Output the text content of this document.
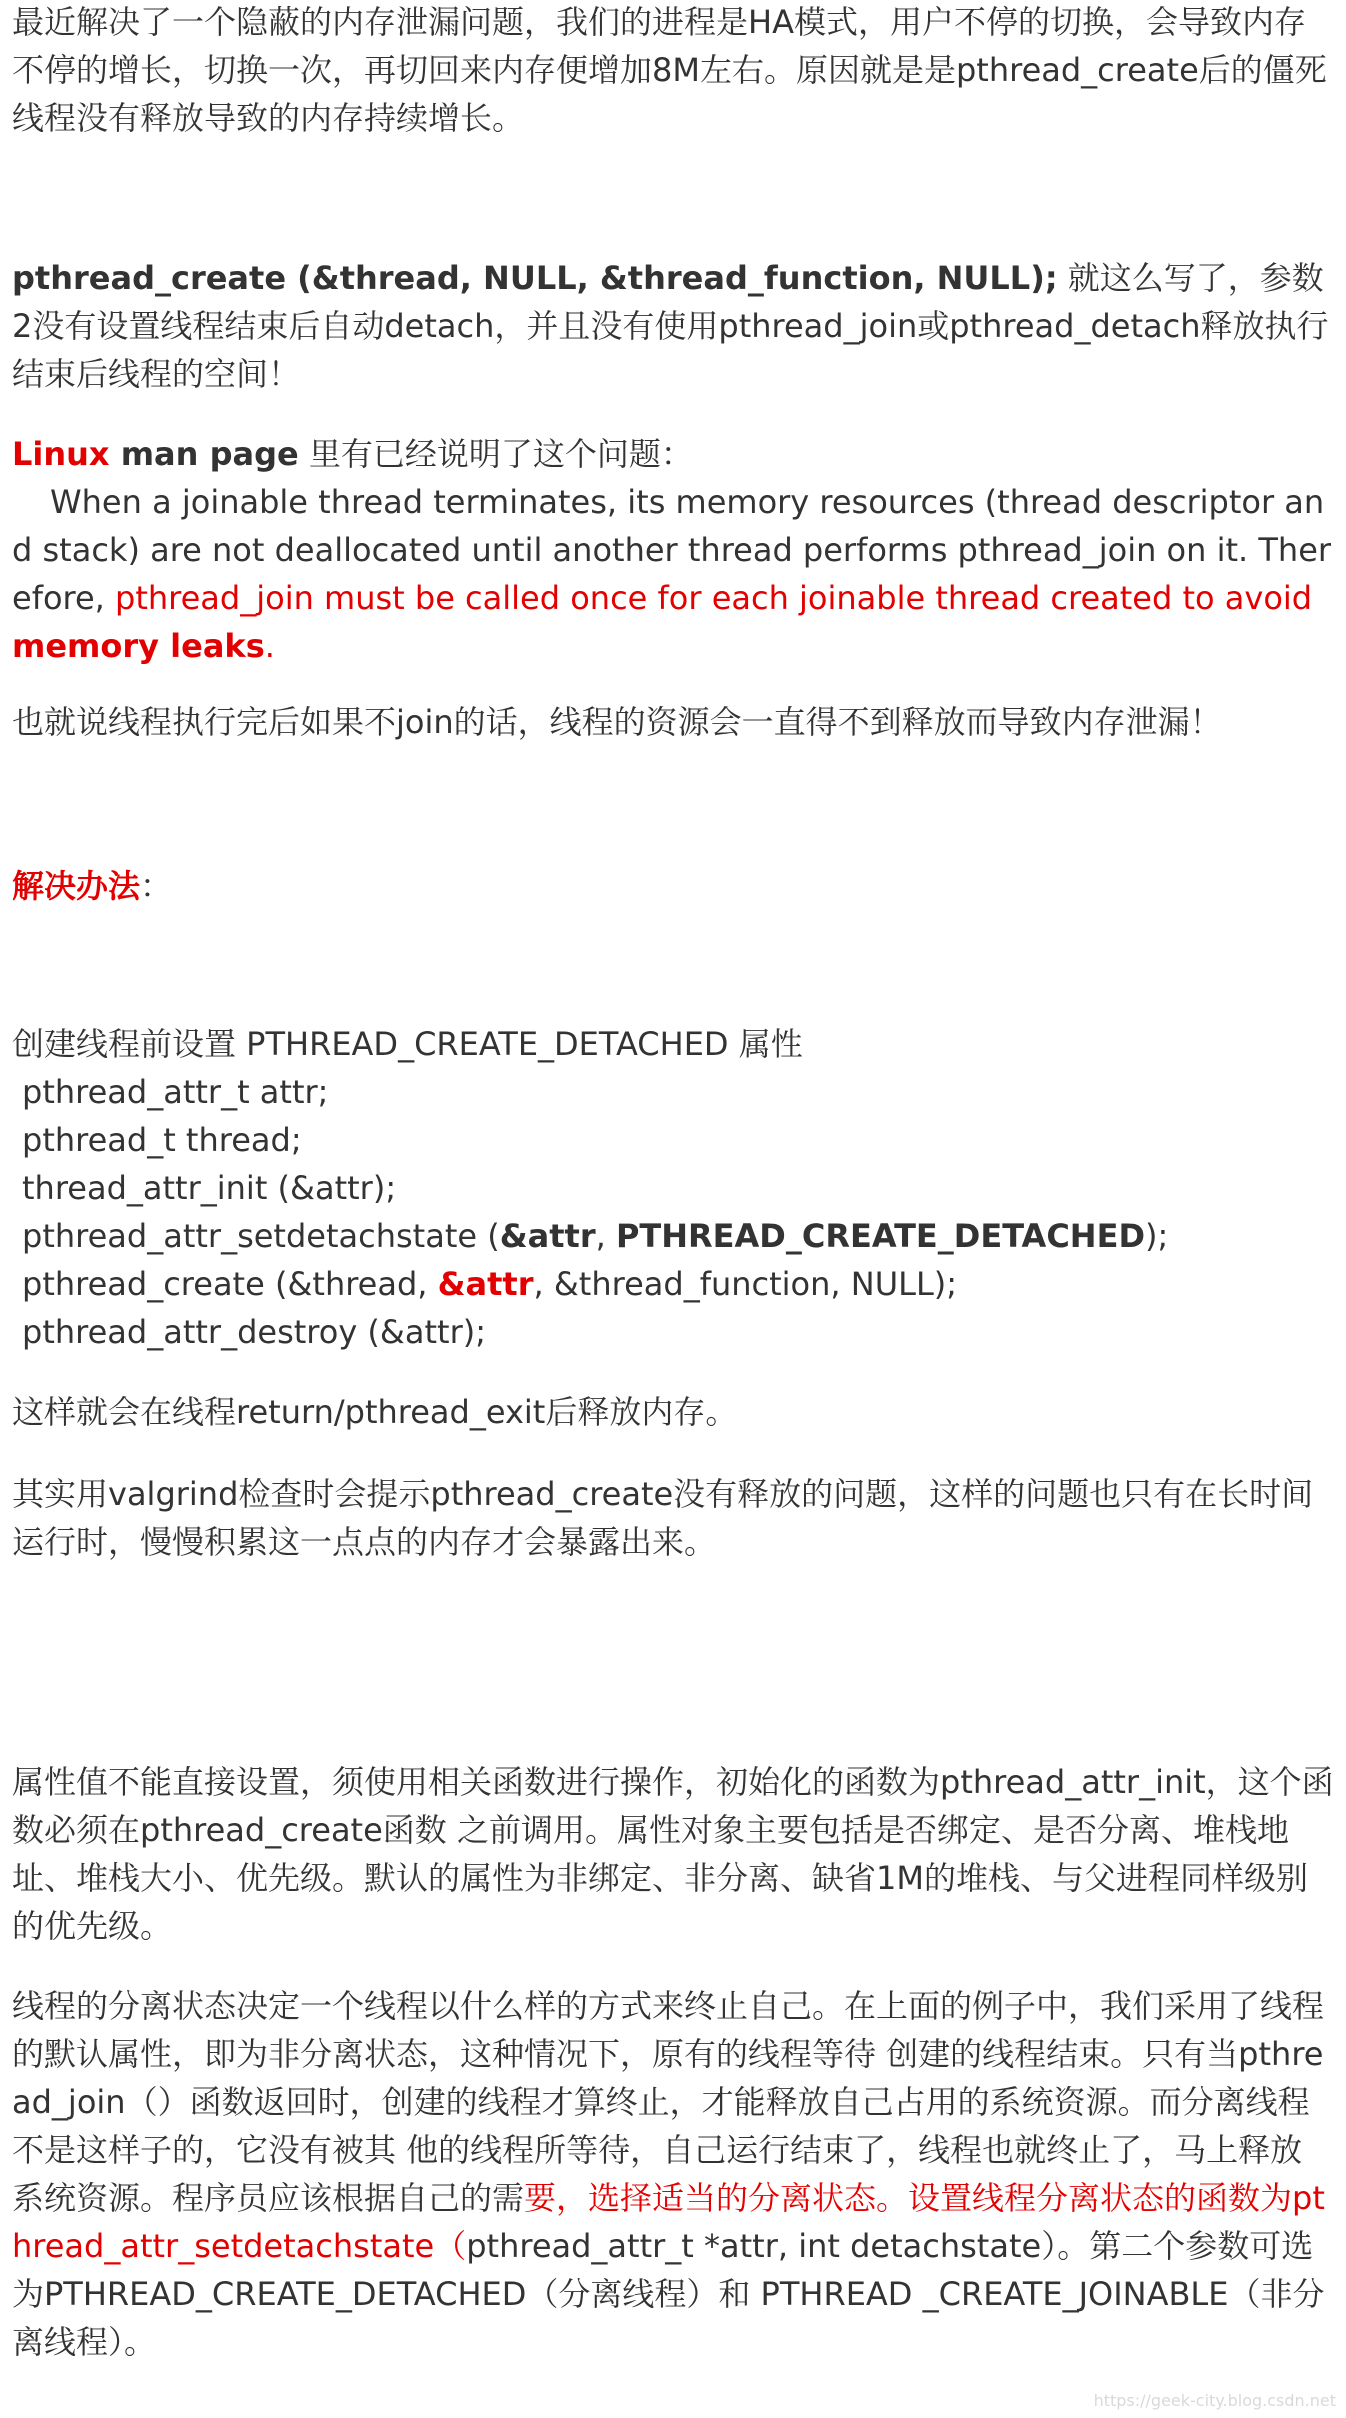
最近解决了一个隐蔽的内存泄漏问题，我们的进程是HA模式，用户不停的切换，会导致内存不停的增长，切换一次，再切回来内存便增加8M左右。原因就是是pthread_create后的僵死线程没有释放导致的内存持续增长。

pthread_create (&thread, NULL, &thread_function, NULL); 就这么写了，参数2没有设置线程结束后自动detach，并且没有使用pthread_join或pthread_detach释放执行结束后线程的空间！

Linux man page 里有已经说明了这个问题：

When a joinable thread terminates, its memory resources (thread descriptor and stack) are not deallocated until another thread performs pthread_join on it. Therefore, pthread_join must be called once for each joinable thread created to avoid memory leaks.

也就说线程执行完后如果不join的话，线程的资源会一直得不到释放而导致内存泄漏！

解决办法：

创建线程前设置 PTHREAD_CREATE_DETACHED 属性

pthread_attr_t attr;
pthread_t thread;
thread_attr_init (&attr);
pthread_attr_setdetachstate (&attr, PTHREAD_CREATE_DETACHED);
pthread_create (&thread, &attr, &thread_function, NULL);
pthread_attr_destroy (&attr);

这样就会在线程return/pthread_exit后释放内存。

其实用valgrind检查时会提示pthread_create没有释放的问题，这样的问题也只有在长时间运行时，慢慢积累这一点点的内存才会暴露出来。

属性值不能直接设置，须使用相关函数进行操作，初始化的函数为pthread_attr_init，这个函数必须在pthread_create函数 之前调用。属性对象主要包括是否绑定、是否分离、堆栈地址、堆栈大小、优先级。默认的属性为非绑定、非分离、缺省1M的堆栈、与父进程同样级别的优先级。

线程的分离状态决定一个线程以什么样的方式来终止自己。在上面的例子中，我们采用了线程的默认属性，即为非分离状态，这种情况下，原有的线程等待 创建的线程结束。只有当pthread_join（）函数返回时，创建的线程才算终止，才能释放自己占用的系统资源。而分离线程不是这样子的，它没有被其 他的线程所等待，自己运行结束了，线程也就终止了，马上释放系统资源。程序员应该根据自己的需要，选择适当的分离状态。设置线程分离状态的函数为pthread_attr_setdetachstate（pthread_attr_t *attr, int detachstate）。第二个参数可选为PTHREAD_CREATE_DETACHED（分离线程）和 PTHREAD _CREATE_JOINABLE（非分离线程）。

https://geek-city.blog.csdn.net
